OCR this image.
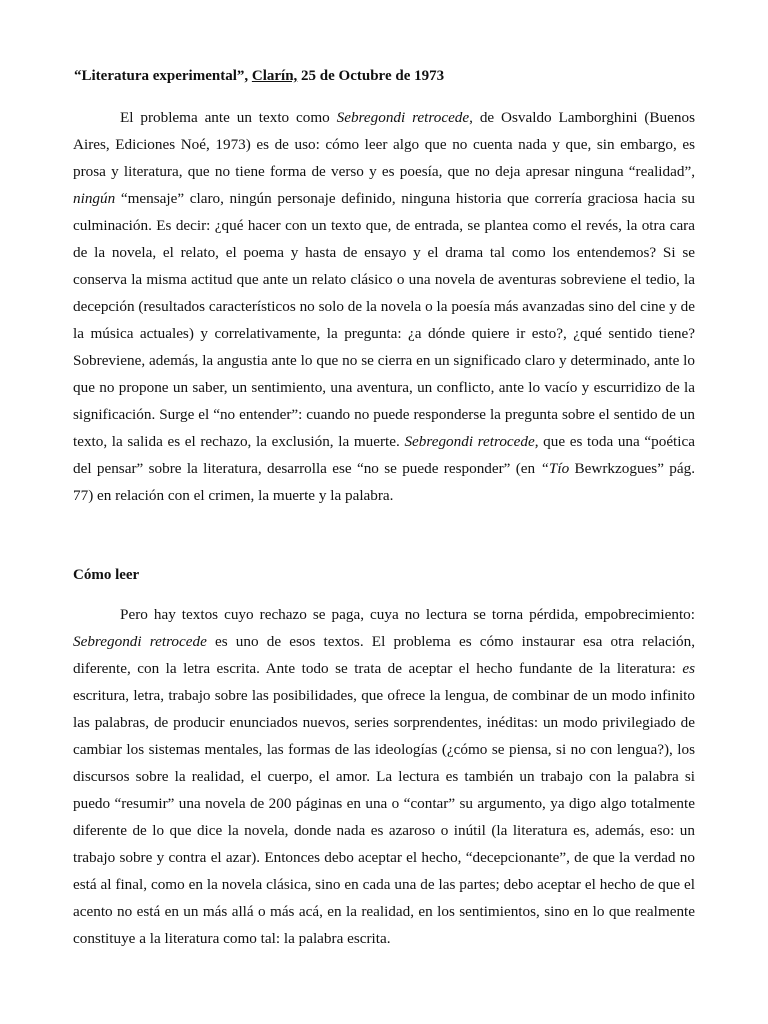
“Literatura experimental”, Clarín, 25 de Octubre de 1973

El problema ante un texto como Sebregondi retrocede, de Osvaldo Lamborghini (Buenos Aires, Ediciones Noé, 1973) es de uso: cómo leer algo que no cuenta nada y que, sin embargo, es prosa y literatura, que no tiene forma de verso y es poesía, que no deja apresar ninguna “realidad”, ningún “mensaje” claro, ningún personaje definido, ninguna historia que correría graciosa hacia su culminación. Es decir: ¿qué hacer con un texto que, de entrada, se plantea como el revés, la otra cara de la novela, el relato, el poema y hasta de ensayo y el drama tal como los entendemos? Si se conserva la misma actitud que ante un relato clásico o una novela de aventuras sobreviene el tedio, la decepción (resultados característicos no solo de la novela o la poesía más avanzadas sino del cine y de la música actuales) y correlativamente, la pregunta: ¿a dónde quiere ir esto?, ¿qué sentido tiene? Sobreviene, además, la angustia ante lo que no se cierra en un significado claro y determinado, ante lo que no propone un saber, un sentimiento, una aventura, un conflicto, ante lo vacío y escurridizo de la significación. Surge el “no entender”: cuando no puede responderse la pregunta sobre el sentido de un texto, la salida es el rechazo, la exclusión, la muerte. Sebregondi retrocede, que es toda una “poética del pensar” sobre la literatura, desarrolla ese “no se puede responder” (en “Tío Bewrkzogues” pág. 77) en relación con el crimen, la muerte y la palabra.

Cómo leer

Pero hay textos cuyo rechazo se paga, cuya no lectura se torna pérdida, empobrecimiento: Sebregondi retrocede es uno de esos textos. El problema es cómo instaurar esa otra relación, diferente, con la letra escrita. Ante todo se trata de aceptar el hecho fundante de la literatura: es escritura, letra, trabajo sobre las posibilidades, que ofrece la lengua, de combinar de un modo infinito las palabras, de producir enunciados nuevos, series sorprendentes, inéditas: un modo privilegiado de cambiar los sistemas mentales, las formas de las ideologías (¿cómo se piensa, si no con lengua?), los discursos sobre la realidad, el cuerpo, el amor. La lectura es también un trabajo con la palabra si puedo “resumir” una novela de 200 páginas en una o “contar” su argumento, ya digo algo totalmente diferente de lo que dice la novela, donde nada es azaroso o inútil (la literatura es, además, eso: un trabajo sobre y contra el azar). Entonces debo aceptar el hecho, “decepcionante”, de que la verdad no está al final, como en la novela clásica, sino en cada una de las partes; debo aceptar el hecho de que el acento no está en un más allá o más acá, en la realidad, en los sentimientos, sino en lo que realmente constituye a la literatura como tal: la palabra escrita.
